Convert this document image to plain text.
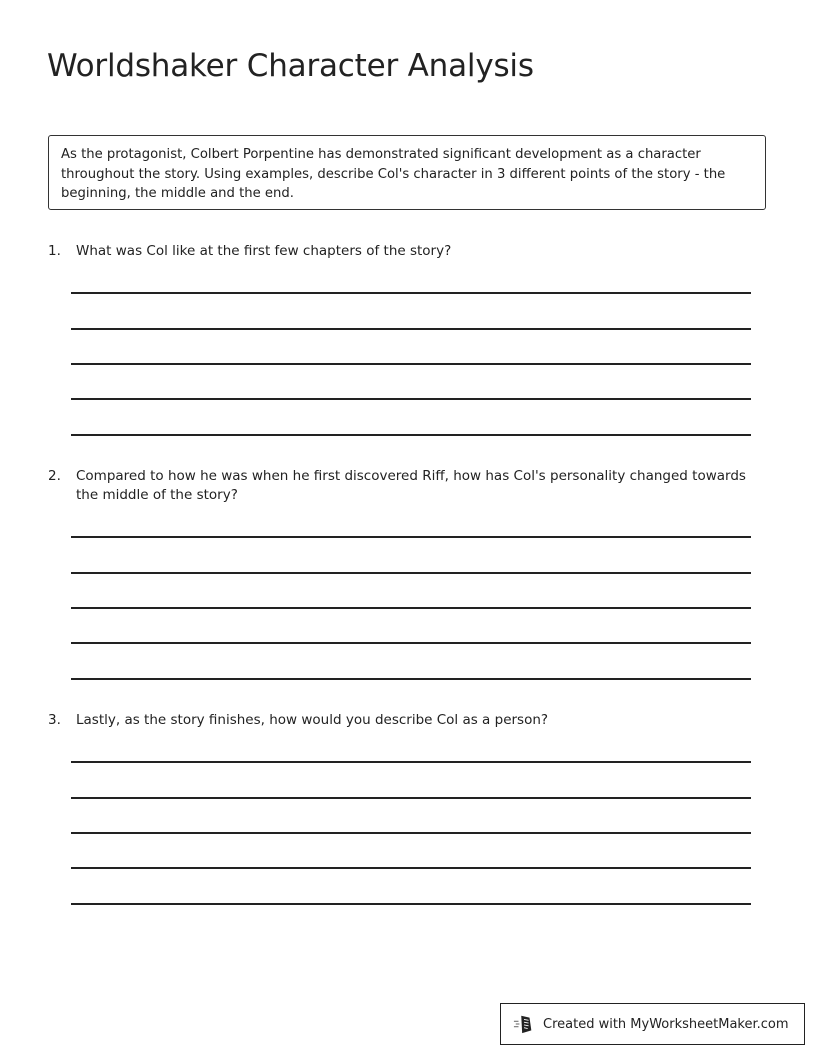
Worldshaker Character Analysis
As the protagonist, Colbert Porpentine has demonstrated significant development as a character throughout the story. Using examples, describe Col's character in 3 different points of the story - the beginning, the middle and the end.
1. What was Col like at the first few chapters of the story?
2. Compared to how he was when he first discovered Riff, how has Col's personality changed towards the middle of the story?
3. Lastly, as the story finishes, how would you describe Col as a person?
Created with MyWorksheetMaker.com
